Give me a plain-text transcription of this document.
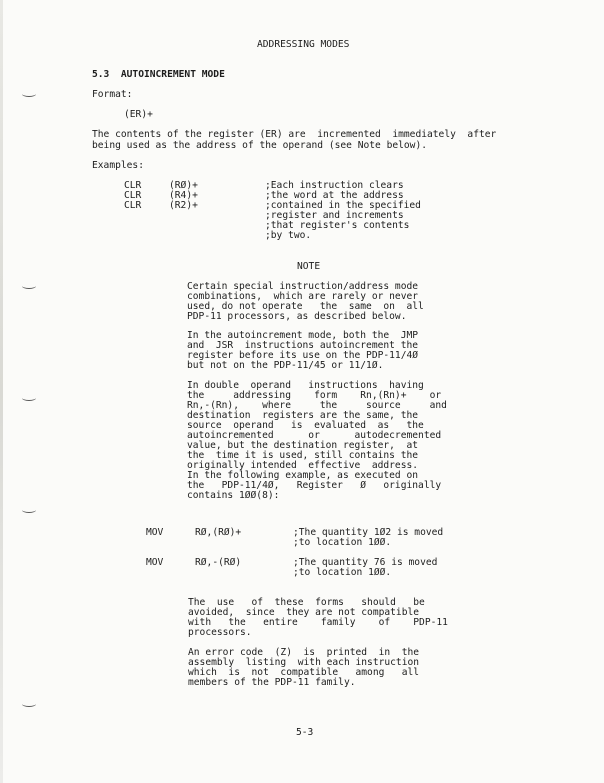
ADDRESSING MODES
5.3  AUTOINCREMENT MODE
Format:
(ER)+
The contents of the register (ER) are  incremented  immediately  after
being used as the address of the operand (see Note below).
Examples:
CLR	(RØ)+	;Each instruction clears
CLR	(R4)+	;the word at the address
CLR	(R2)+	;contained in the specified
;register and increments
;that register's contents
;by two.
NOTE
Certain special instruction/address mode
combinations,  which are rarely or never
used, do not operate   the  same  on  all
PDP-11 processors, as described below.
In the autoincrement mode, both the  JMP
and  JSR  instructions autoincrement the
register before its use on the PDP-11/4Ø
but not on the PDP-11/45 or 11/1Ø.
In double  operand   instructions  having
the     addressing    form    Rn,(Rn)+    or
Rn,-(Rn),    where     the     source     and
destination  registers are the same, the
source  operand   is  evaluated  as   the
autoincremented      or      autodecremented
value, but the destination register,  at
the  time it is used, still contains the
originally intended  effective  address.
In the following example, as executed on
the   PDP-11/4Ø,   Register   Ø   originally
contains 1ØØ(8):
MOV	RØ,(RØ)+	;The quantity 1Ø2 is moved
;to location 1ØØ.
MOV	RØ,-(RØ)	;The quantity 76 is moved
;to location 1ØØ.
The  use   of  these  forms   should   be
avoided,  since  they are not compatible
with   the   entire    family    of    PDP-11
processors.
An error code  (Z)  is  printed  in  the
assembly  listing  with each instruction
which  is  not  compatible   among   all
members of the PDP-11 family.
5-3
